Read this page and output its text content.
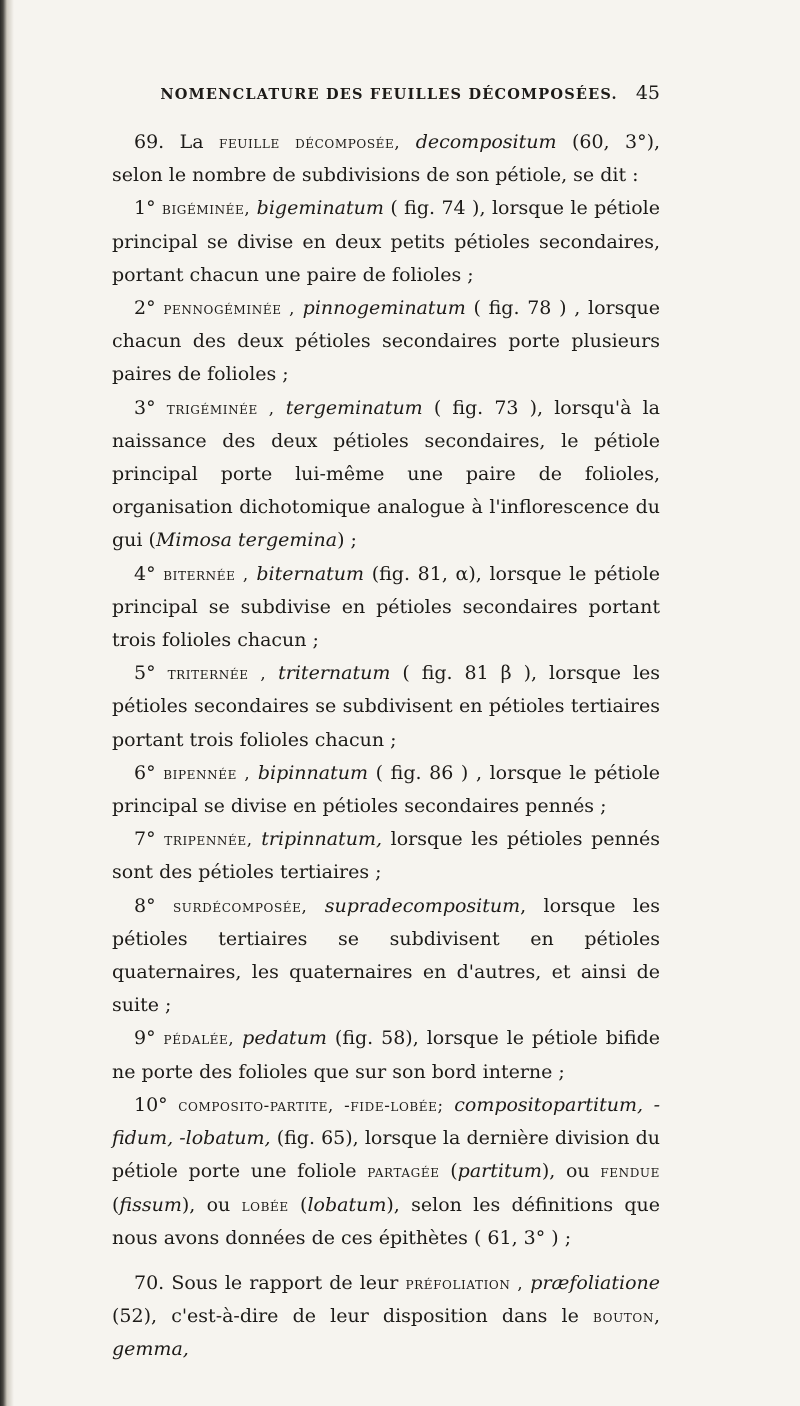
NOMENCLATURE DES FEUILLES DÉCOMPOSÉES. 45

69. La feuille décomposée, decompositum (60, 3°), selon le nombre de subdivisions de son pétiole, se dit :

1° bigéminée, bigeminatum ( fig. 74 ), lorsque le pétiole principal se divise en deux petits pétioles secondaires, portant chacun une paire de folioles ;

2° pennogéminée , pinnogeminatum ( fig. 78 ) , lorsque chacun des deux pétioles secondaires porte plusieurs paires de folioles ;

3° trigéminée , tergeminatum ( fig. 73 ), lorsqu'à la naissance des deux pétioles secondaires, le pétiole principal porte lui-même une paire de folioles, organisation dichotomique analogue à l'inflorescence du gui (Mimosa tergemina) ;

4° biternée , biternatum (fig. 81, α), lorsque le pétiole principal se subdivise en pétioles secondaires portant trois folioles chacun ;

5° triternée , triternatum ( fig. 81 β ), lorsque les pétioles secondaires se subdivisent en pétioles tertiaires portant trois folioles chacun ;

6° bipennée , bipinnatum ( fig. 86 ) , lorsque le pétiole principal se divise en pétioles secondaires pennés ;

7° tripennée, tripinnatum, lorsque les pétioles pennés sont des pétioles tertiaires ;

8° surdécomposée, supradecompositum, lorsque les pétioles tertiaires se subdivisent en pétioles quaternaires, les quaternaires en d'autres, et ainsi de suite ;

9° pédalée, pedatum (fig. 58), lorsque le pétiole bifide ne porte des folioles que sur son bord interne ;

10° composito-partite, -fide-lobée; compositopartitum, -fidum, -lobatum, (fig. 65), lorsque la dernière division du pétiole porte une foliole partagée (partitum), ou fendue (fissum), ou lobée (lobatum), selon les définitions que nous avons données de ces épithètes ( 61, 3° ) ;

70. Sous le rapport de leur préfoliation , præfoliatione (52), c'est-à-dire de leur disposition dans le bouton, gemma,
